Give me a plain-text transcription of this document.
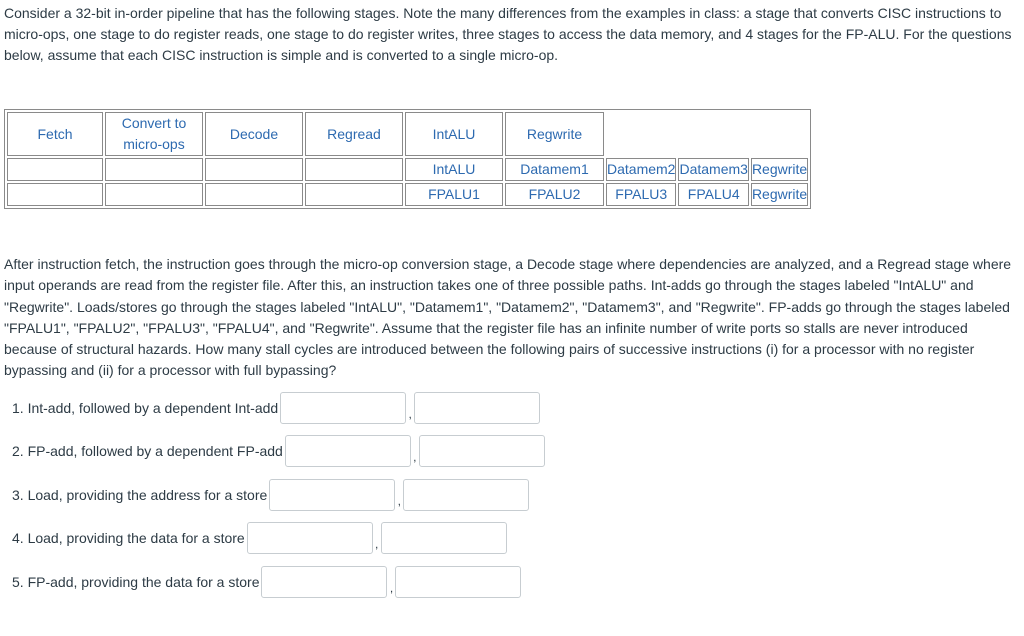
Consider a 32-bit in-order pipeline that has the following stages. Note the many differences from the examples in class: a stage that converts CISC instructions to micro-ops, one stage to do register reads, one stage to do register writes, three stages to access the data memory, and 4 stages for the FP-ALU. For the questions below, assume that each CISC instruction is simple and is converted to a single micro-op.

Fetch	Convert to micro-ops	Decode	Regread	IntALU	Regwrite			
				IntALU	Datamem1	Datamem2	Datamem3	Regwrite
				FPALU1	FPALU2	FPALU3	FPALU4	Regwrite

After instruction fetch, the instruction goes through the micro-op conversion stage, a Decode stage where dependencies are analyzed, and a Regread stage where input operands are read from the register file. After this, an instruction takes one of three possible paths. Int-adds go through the stages labeled "IntALU" and "Regwrite". Loads/stores go through the stages labeled "IntALU", "Datamem1", "Datamem2", "Datamem3", and "Regwrite". FP-adds go through the stages labeled "FPALU1", "FPALU2", "FPALU3", "FPALU4", and "Regwrite". Assume that the register file has an infinite number of write ports so stalls are never introduced because of structural hazards. How many stall cycles are introduced between the following pairs of successive instructions (i) for a processor with no register bypassing and (ii) for a processor with full bypassing?

1. Int-add, followed by a dependent Int-add	,
2. FP-add, followed by a dependent FP-add	,
3. Load, providing the address for a store	,
4. Load, providing the data for a store	,
5. FP-add, providing the data for a store	,
